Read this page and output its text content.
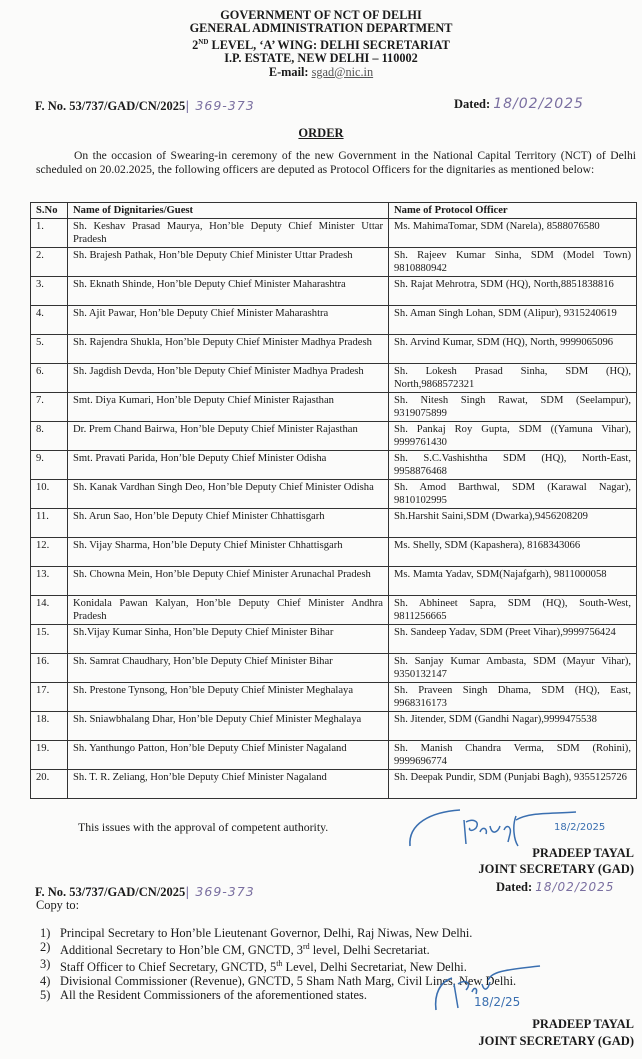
GOVERNMENT OF NCT OF DELHI
GENERAL ADMINISTRATION DEPARTMENT
2ND LEVEL, ‘A’ WING: DELHI SECRETARIAT
I.P. ESTATE, NEW DELHI – 110002
E-mail: sgad@nic.in
F. No. 53/737/GAD/CN/2025| 369-373	Dated: 18/02/2025
ORDER
On the occasion of Swearing-in ceremony of the new Government in the National Capital Territory (NCT) of Delhi scheduled on 20.02.2025, the following officers are deputed as Protocol Officers for the dignitaries as mentioned below:
S.No	Name of Dignitaries/Guest	Name of Protocol Officer
1.	Sh. Keshav Prasad Maurya, Hon’ble Deputy Chief Minister Uttar Pradesh	Ms. MahimaTomar, SDM (Narela), 8588076580
2.	Sh. Brajesh Pathak, Hon’ble Deputy Chief Minister Uttar Pradesh	Sh. Rajeev Kumar Sinha, SDM (Model Town) 9810880942
3.	Sh. Eknath Shinde, Hon’ble Deputy Chief Minister Maharashtra	Sh. Rajat Mehrotra, SDM (HQ), North,8851838816
4.	Sh. Ajit Pawar, Hon’ble Deputy Chief Minister Maharashtra	Sh. Aman Singh Lohan, SDM (Alipur), 9315240619
5.	Sh. Rajendra Shukla, Hon’ble Deputy Chief Minister Madhya Pradesh	Sh. Arvind Kumar, SDM (HQ), North, 9999065096
6.	Sh. Jagdish Devda, Hon’ble Deputy Chief Minister Madhya Pradesh	Sh. Lokesh Prasad Sinha, SDM (HQ), North,9868572321
7.	Smt. Diya Kumari, Hon’ble Deputy Chief Minister Rajasthan	Sh. Nitesh Singh Rawat, SDM (Seelampur), 9319075899
8.	Dr. Prem Chand Bairwa, Hon’ble Deputy Chief Minister Rajasthan	Sh. Pankaj Roy Gupta, SDM ((Yamuna Vihar), 9999761430
9.	Smt. Pravati Parida, Hon’ble Deputy Chief Minister Odisha	Sh. S.C.Vashishtha SDM (HQ), North-East, 9958876468
10.	Sh. Kanak Vardhan Singh Deo, Hon’ble Deputy Chief Minister Odisha	Sh. Amod Barthwal, SDM (Karawal Nagar), 9810102995
11.	Sh. Arun Sao, Hon’ble Deputy Chief Minister Chhattisgarh	Sh.Harshit Saini,SDM (Dwarka),9456208209
12.	Sh. Vijay Sharma, Hon’ble Deputy Chief Minister Chhattisgarh	Ms. Shelly, SDM (Kapashera), 8168343066
13.	Sh. Chowna Mein, Hon’ble Deputy Chief Minister Arunachal Pradesh	Ms. Mamta Yadav, SDM(Najafgarh), 9811000058
14.	Konidala Pawan Kalyan, Hon’ble Deputy Chief Minister Andhra Pradesh	Sh. Abhineet Sapra, SDM (HQ), South-West, 9811256665
15.	Sh.Vijay Kumar Sinha, Hon’ble Deputy Chief Minister Bihar	Sh. Sandeep Yadav, SDM (Preet Vihar),9999756424
16.	Sh. Samrat Chaudhary, Hon’ble Deputy Chief Minister Bihar	Sh. Sanjay Kumar Ambasta, SDM (Mayur Vihar), 9350132147
17.	Sh. Prestone Tynsong, Hon’ble Deputy Chief Minister Meghalaya	Sh. Praveen Singh Dhama, SDM (HQ), East, 9968316173
18.	Sh. Sniawbhalang Dhar, Hon’ble Deputy Chief Minister Meghalaya	Sh. Jitender, SDM (Gandhi Nagar),9999475538
19.	Sh. Yanthungo Patton, Hon’ble Deputy Chief Minister Nagaland	Sh. Manish Chandra Verma, SDM (Rohini), 9999696774
20.	Sh. T. R. Zeliang, Hon’ble Deputy Chief Minister Nagaland	Sh. Deepak Pundir, SDM (Punjabi Bagh), 9355125726
This issues with the approval of competent authority.	18/2/2025
PRADEEP TAYAL
JOINT SECRETARY (GAD)
F. No. 53/737/GAD/CN/2025| 369-373	Dated: 18/02/2025
Copy to:
1) Principal Secretary to Hon’ble Lieutenant Governor, Delhi, Raj Niwas, New Delhi.
2) Additional Secretary to Hon’ble CM, GNCTD, 3rd level, Delhi Secretariat.
3) Staff Officer to Chief Secretary, GNCTD, 5th Level, Delhi Secretariat, New Delhi.
4) Divisional Commissioner (Revenue), GNCTD, 5 Sham Nath Marg, Civil Lines, New Delhi.
5) All the Resident Commissioners of the aforementioned states.	18/2/25
PRADEEP TAYAL
JOINT SECRETARY (GAD)
